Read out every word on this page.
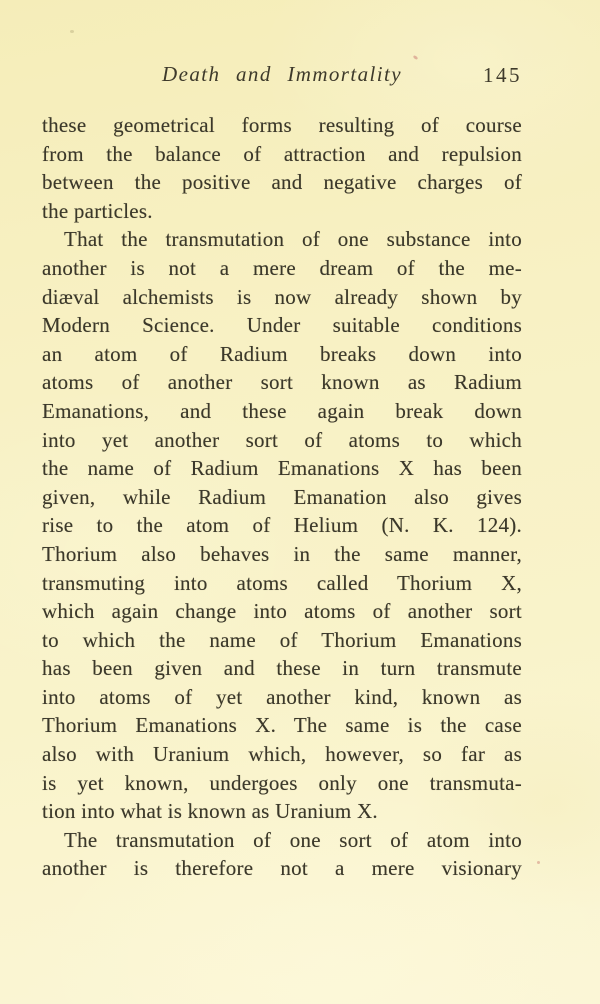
Death and Immortality	145
these geometrical forms resulting of course
from the balance of attraction and repulsion
between the positive and negative charges of
the particles.
That the transmutation of one substance into
another is not a mere dream of the me-
diæval alchemists is now already shown by
Modern Science. Under suitable conditions
an atom of Radium breaks down into
atoms of another sort known as Radium
Emanations, and these again break down
into yet another sort of atoms to which
the name of Radium Emanations X has been
given, while Radium Emanation also gives
rise to the atom of Helium (N. K. 124).
Thorium also behaves in the same manner,
transmuting into atoms called Thorium X,
which again change into atoms of another sort
to which the name of Thorium Emanations
has been given and these in turn transmute
into atoms of yet another kind, known as
Thorium Emanations X. The same is the case
also with Uranium which, however, so far as
is yet known, undergoes only one transmuta-
tion into what is known as Uranium X.
The transmutation of one sort of atom into
another is therefore not a mere visionary
